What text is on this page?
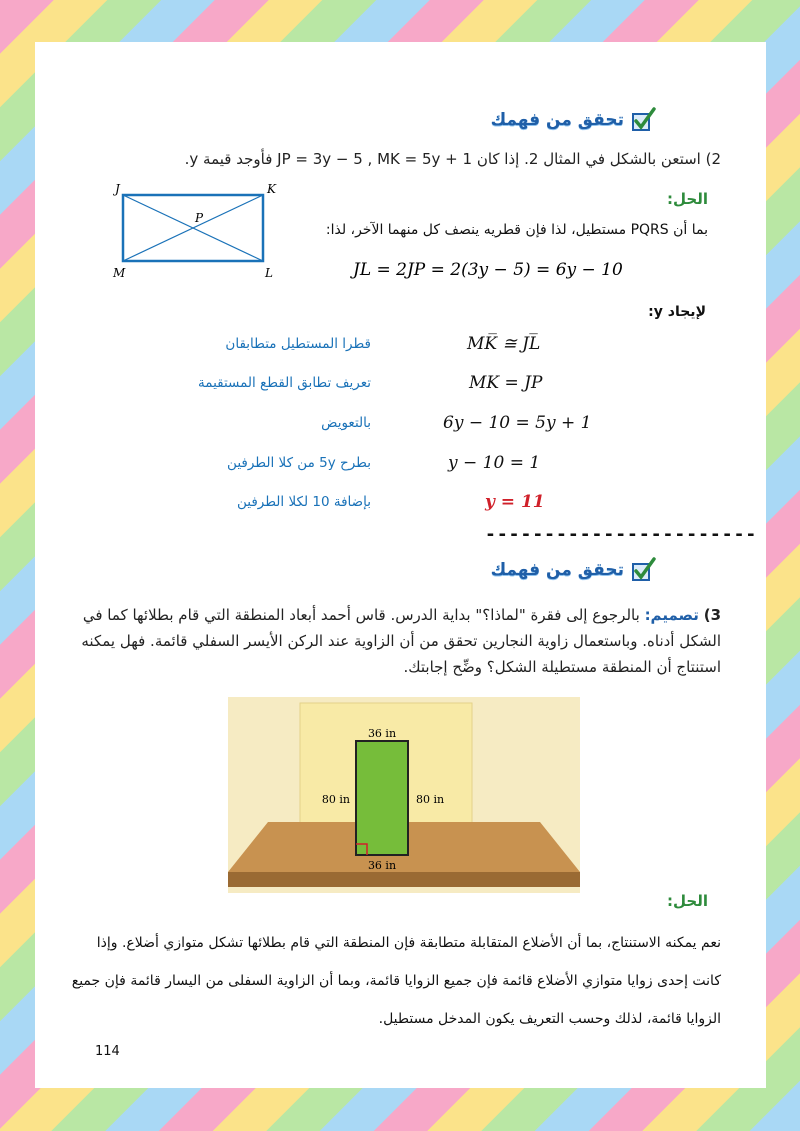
تحقق من فهمك
2) استعن بالشكل في المثال 2. إذا كان JP = 3y − 5 , MK = 5y + 1 فأوجد قيمة y.
J	K
P
M	L
الحل:
بما أن PQRS مستطيل، لذا فإن قطريه ينصف كل منهما الآخر، لذا:
JL = 2JP = 2(3y − 5) = 6y − 10
لإيجاد y:
MK̅ ≅ JL̅
قطرا المستطيل متطابقان
MK = JP
تعريف تطابق القطع المستقيمة
6y − 10 = 5y + 1
بالتعويض
y − 10 = 1
بطرح 5y من كلا الطرفين
y = 11
بإضافة 10 لكلا الطرفين
-----------------------
تحقق من فهمك
3) تصميم: بالرجوع إلى فقرة "لماذا؟" بداية الدرس. قاس أحمد أبعاد المنطقة التي قام بطلائها كما في
الشكل أدناه. وباستعمال زاوية النجارين تحقق من أن الزاوية عند الركن الأيسر السفلي قائمة. فهل يمكنه
استنتاج أن المنطقة مستطيلة الشكل؟ وضِّح إجابتك.
36 in
36 in
80 in	80 in
الحل:
نعم يمكنه الاستنتاج، بما أن الأضلاع المتقابلة متطابقة فإن المنطقة التي قام بطلائها تشكل متوازي أضلاع. وإذا
كانت إحدى زوايا متوازي الأضلاع قائمة فإن جميع الزوايا قائمة، وبما أن الزاوية السفلى من اليسار قائمة فإن جميع
الزوايا قائمة، لذلك وحسب التعريف يكون المدخل مستطيل.
114
